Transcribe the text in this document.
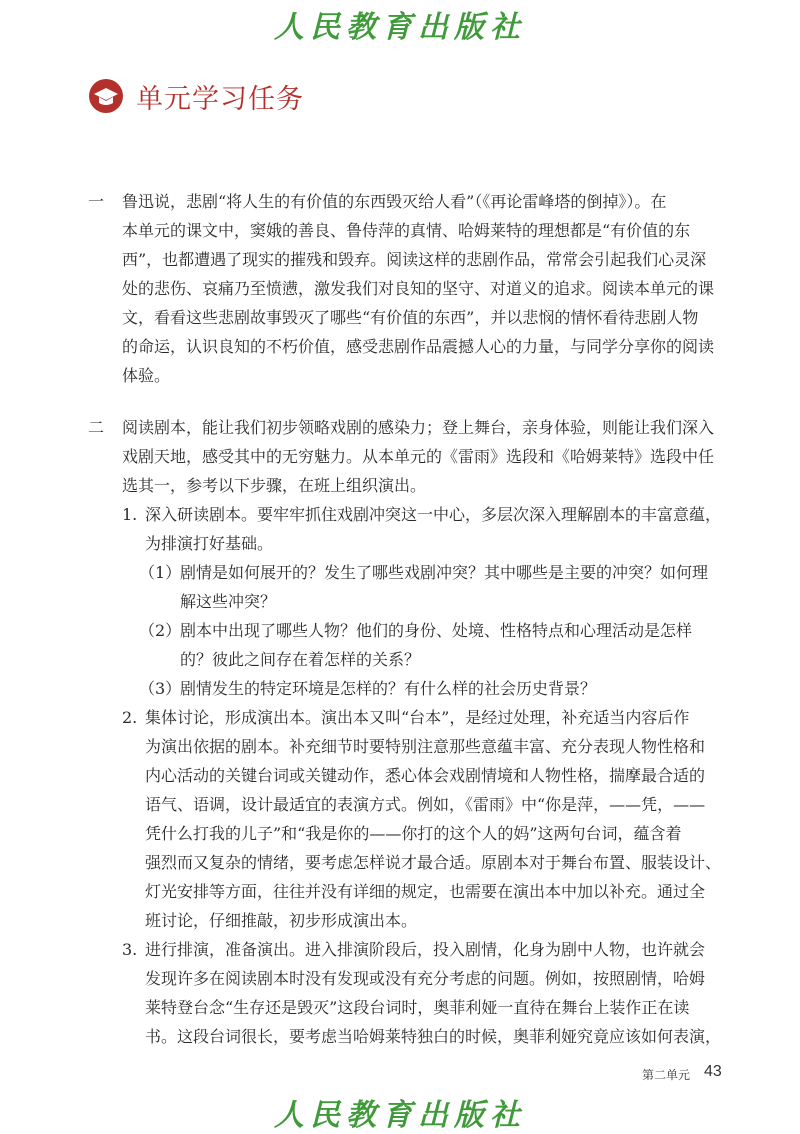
人民教育出版社
单元学习任务
一 鲁迅说，悲剧“将人生的有价值的东西毁灭给人看”（《再论雷峰塔的倒掉》）。在
本单元的课文中，窦娥的善良、鲁侍萍的真情、哈姆莱特的理想都是“有价值的东
西”，也都遭遇了现实的摧残和毁弃。阅读这样的悲剧作品，常常会引起我们心灵深
处的悲伤、哀痛乃至愤懑，激发我们对良知的坚守、对道义的追求。阅读本单元的课
文，看看这些悲剧故事毁灭了哪些“有价值的东西”，并以悲悯的情怀看待悲剧人物
的命运，认识良知的不朽价值，感受悲剧作品震撼人心的力量，与同学分享你的阅读
体验。
二 阅读剧本，能让我们初步领略戏剧的感染力；登上舞台，亲身体验，则能让我们深入
戏剧天地，感受其中的无穷魅力。从本单元的《雷雨》选段和《哈姆莱特》选段中任
选其一，参考以下步骤，在班上组织演出。
1. 深入研读剧本。要牢牢抓住戏剧冲突这一中心，多层次深入理解剧本的丰富意蕴，
为排演打好基础。
（1）
剧情是如何展开的？发生了哪些戏剧冲突？其中哪些是主要的冲突？如何理
解这些冲突？
（2）
剧本中出现了哪些人物？他们的身份、处境、性格特点和心理活动是怎样
的？彼此之间存在着怎样的关系？
（3）
剧情发生的特定环境是怎样的？有什么样的社会历史背景？
2. 集体讨论，形成演出本。演出本又叫“台本”，是经过处理，补充适当内容后作
为演出依据的剧本。补充细节时要特别注意那些意蕴丰富、充分表现人物性格和
内心活动的关键台词或关键动作，悉心体会戏剧情境和人物性格，揣摩最合适的
语气、语调，设计最适宜的表演方式。例如，《雷雨》中“你是萍，——凭，——
凭什么打我的儿子”和“我是你的——你打的这个人的妈”这两句台词，蕴含着
强烈而又复杂的情绪，要考虑怎样说才最合适。原剧本对于舞台布置、服装设计、
灯光安排等方面，往往并没有详细的规定，也需要在演出本中加以补充。通过全
班讨论，仔细推敲，初步形成演出本。
3. 进行排演，准备演出。进入排演阶段后，投入剧情，化身为剧中人物，也许就会
发现许多在阅读剧本时没有发现或没有充分考虑的问题。例如，按照剧情，哈姆
莱特登台念“生存还是毁灭”这段台词时，奥菲利娅一直待在舞台上装作正在读
书。这段台词很长，要考虑当哈姆莱特独白的时候，奥菲利娅究竟应该如何表演，
第二单元 43
人民教育出版社
